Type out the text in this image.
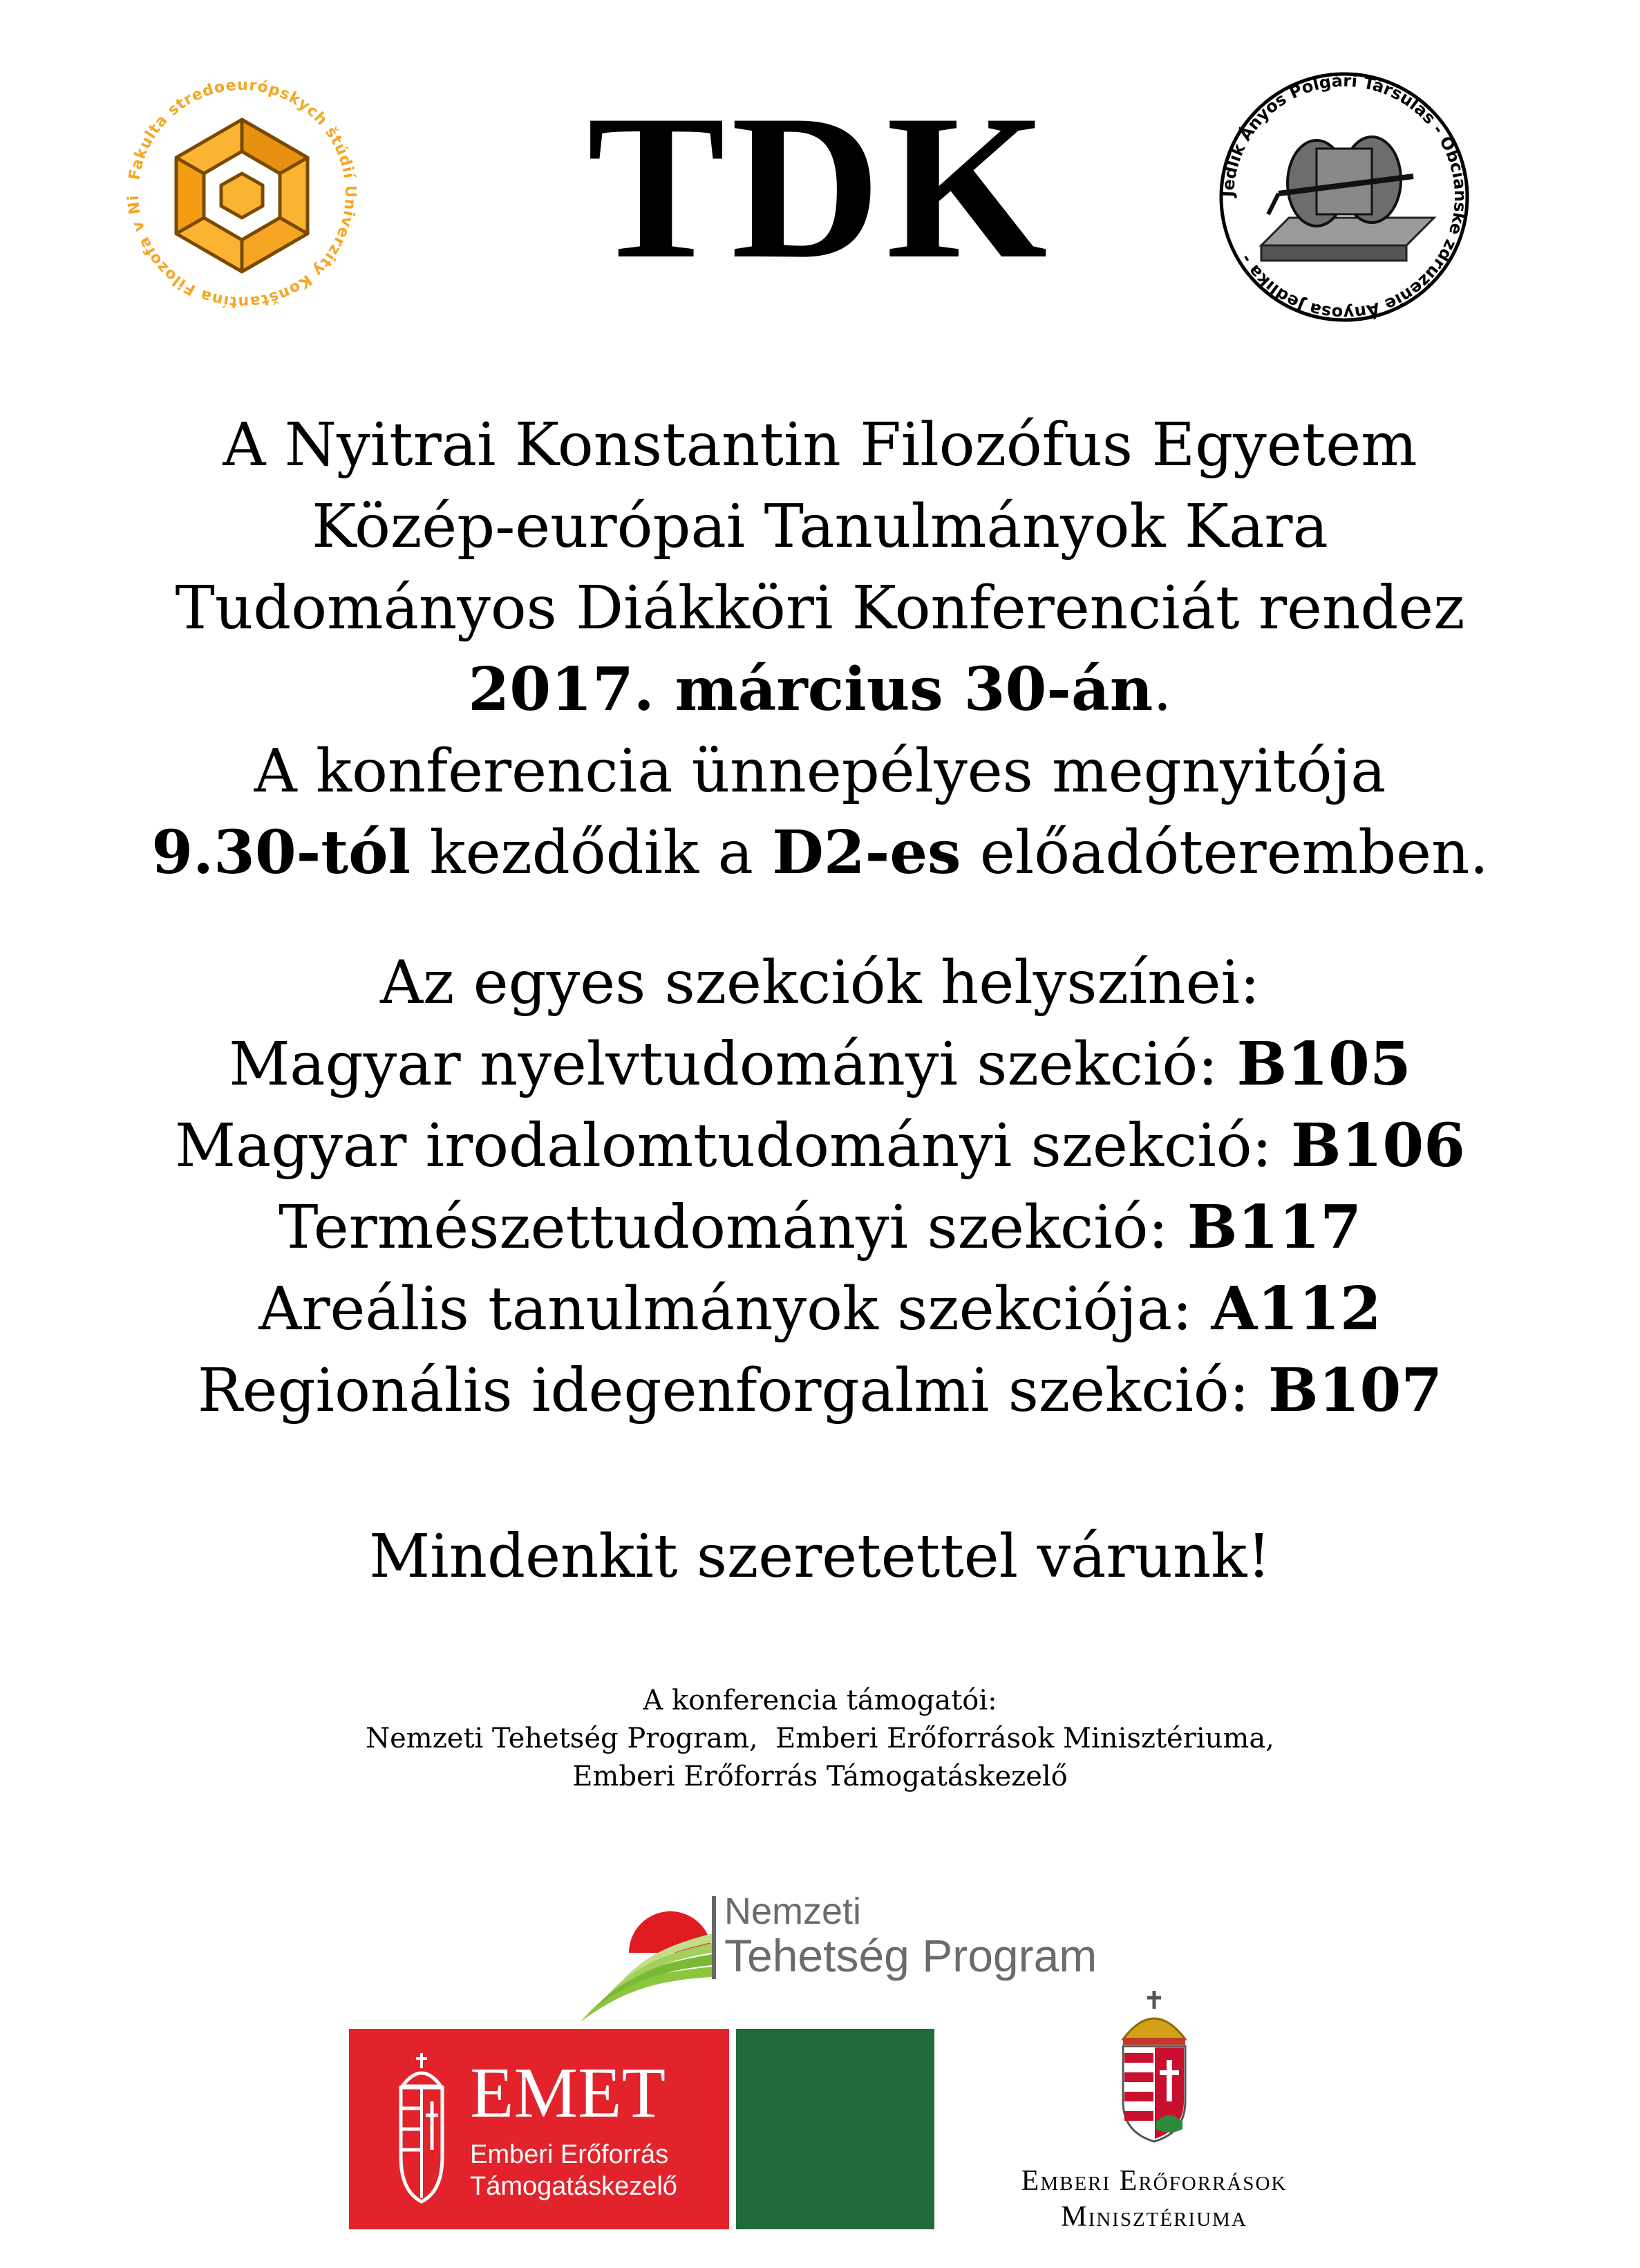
Fakulta stredoeurópskych štúdií Univerzity Konštantína Filozofa v Ni	TDK	Jedlik Ányos Polgári Társulás - Občianske združenie Ányosa Jedlika -
A Nyitrai Konstantin Filozófus Egyetem
Közép-európai Tanulmányok Kara
Tudományos Diákköri Konferenciát rendez
2017. március 30-án.
A konferencia ünnepélyes megnyitója
9.30-tól kezdődik a D2-es előadóteremben.
Az egyes szekciók helyszínei:
Magyar nyelvtudományi szekció: B105
Magyar irodalomtudományi szekció: B106
Természettudományi szekció: B117
Areális tanulmányok szekciója: A112
Regionális idegenforgalmi szekció: B107
Mindenkit szeretettel várunk!
A konferencia támogatói:
Nemzeti Tehetség Program,  Emberi Erőforrások Minisztériuma,
Emberi Erőforrás Támogatáskezelő
Nemzeti
Tehetség Program
EMET
Emberi Erőforrás
Támogatáskezelő	Emberi Erőforrások
Minisztériuma
